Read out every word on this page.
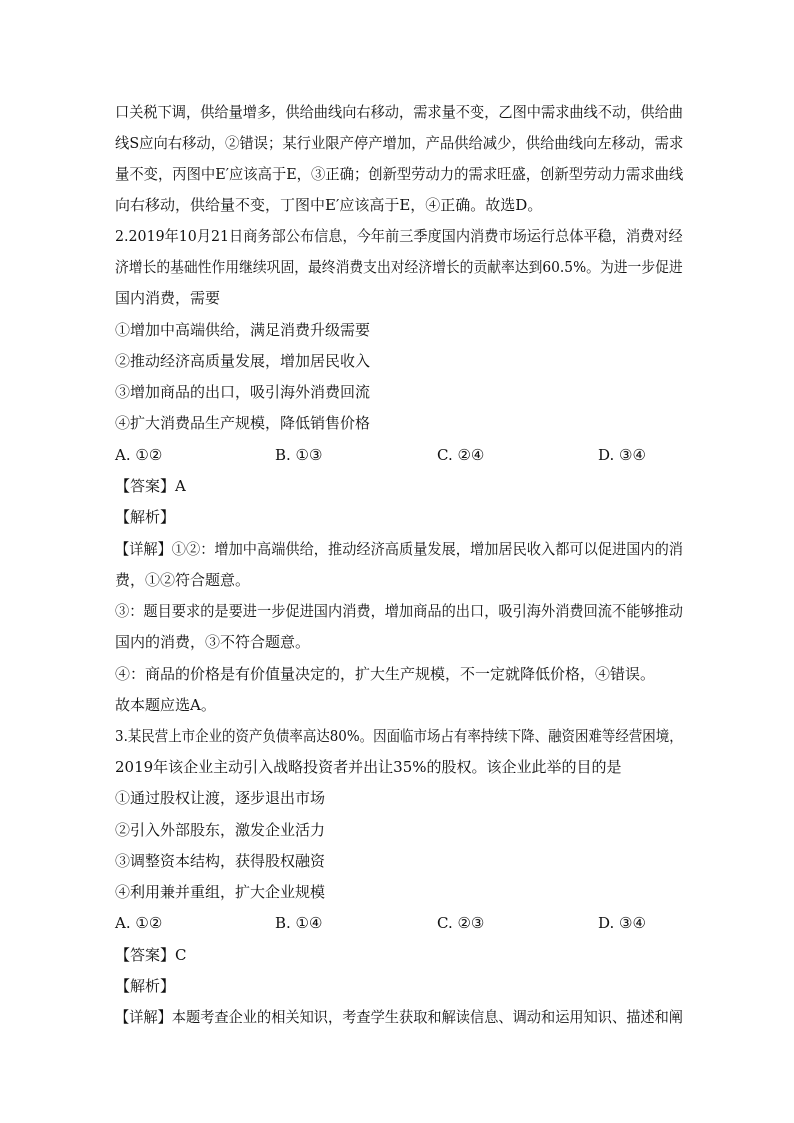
口关税下调，供给量增多，供给曲线向右移动，需求量不变，乙图中需求曲线不动，供给曲
线S应向右移动，②错误；某行业限产停产增加，产品供给减少，供给曲线向左移动，需求
量不变，丙图中E′应该高于E，③正确；创新型劳动力的需求旺盛，创新型劳动力需求曲线
向右移动，供给量不变，丁图中E′应该高于E，④正确。故选D。
2.2019年10月21日商务部公布信息，今年前三季度国内消费市场运行总体平稳，消费对经
济增长的基础性作用继续巩固，最终消费支出对经济增长的贡献率达到60.5%。为进一步促进
国内消费，需要
①增加中高端供给，满足消费升级需要
②推动经济高质量发展，增加居民收入
③增加商品的出口，吸引海外消费回流
④扩大消费品生产规模，降低销售价格
A. ①②	B. ①③	C. ②④	D. ③④
【答案】A
【解析】
【详解】①②：增加中高端供给，推动经济高质量发展，增加居民收入都可以促进国内的消
费，①②符合题意。
③：题目要求的是要进一步促进国内消费，增加商品的出口，吸引海外消费回流不能够推动
国内的消费，③不符合题意。
④：商品的价格是有价值量决定的，扩大生产规模，不一定就降低价格，④错误。
故本题应选A。
3.某民营上市企业的资产负债率高达80%。因面临市场占有率持续下降、融资困难等经营困境，
2019年该企业主动引入战略投资者并出让35%的股权。该企业此举的目的是
①通过股权让渡，逐步退出市场
②引入外部股东，激发企业活力
③调整资本结构，获得股权融资
④利用兼并重组，扩大企业规模
A. ①②	B. ①④	C. ②③	D. ③④
【答案】C
【解析】
【详解】本题考查企业的相关知识，考查学生获取和解读信息、调动和运用知识、描述和阐
